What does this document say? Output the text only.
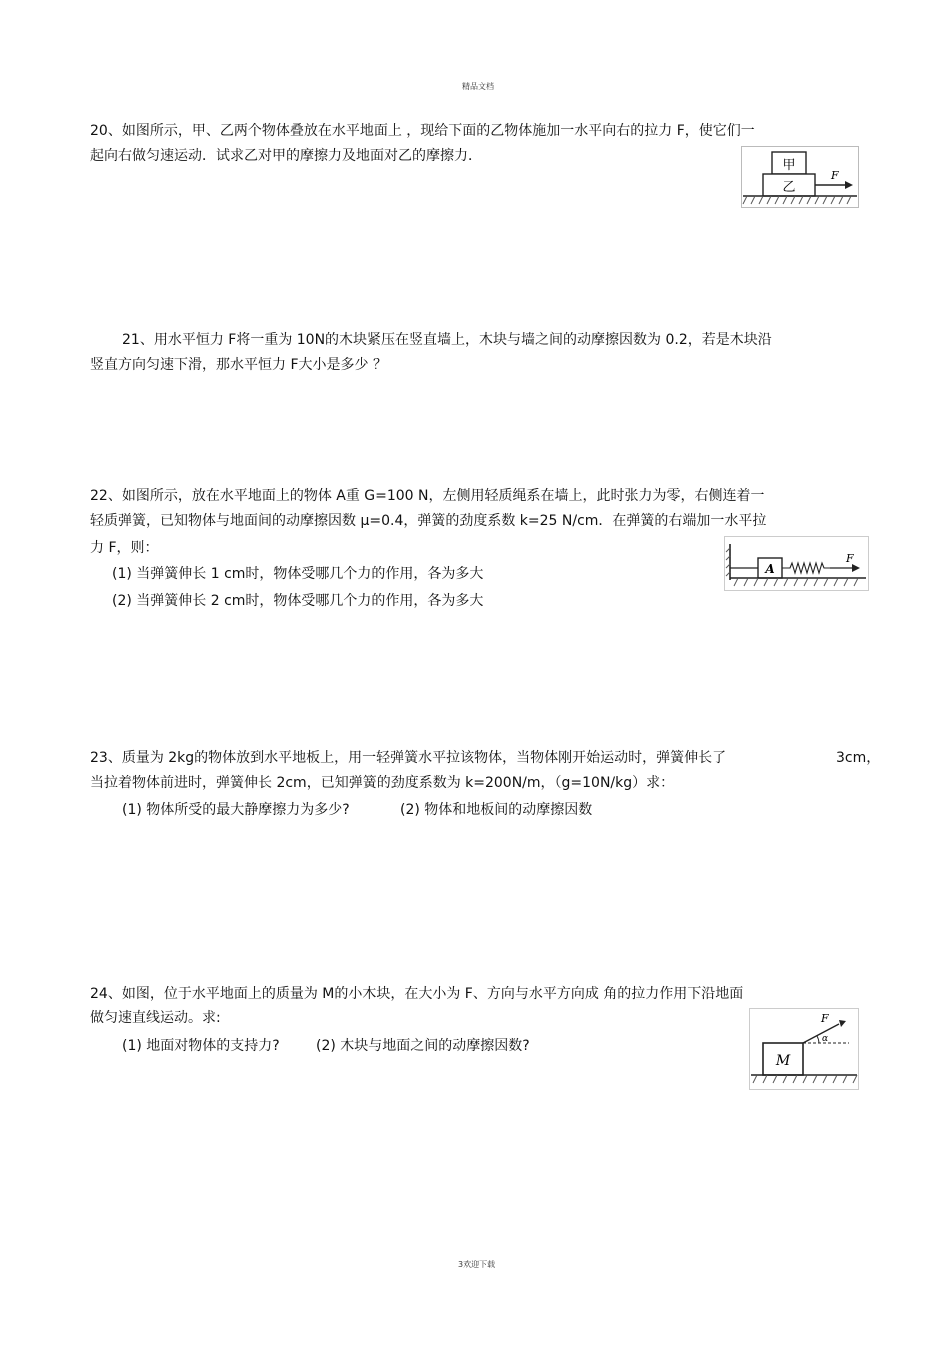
精品文档
20、如图所示，甲、乙两个物体叠放在水平地面上 ，现给下面的乙物体施加一水平向右的拉力 F，使它们一
起向右做匀速运动．试求乙对甲的摩擦力及地面对乙的摩擦力．
甲
乙
F
21、用水平恒力 F将一重为 10N的木块紧压在竖直墙上，木块与墙之间的动摩擦因数为 0.2，若是木块沿
竖直方向匀速下滑，那水平恒力 F大小是多少 ？
22、如图所示，放在水平地面上的物体 A重 G=100 N，左侧用轻质绳系在墙上，此时张力为零，右侧连着一
轻质弹簧，已知物体与地面间的动摩擦因数 μ=0.4，弹簧的劲度系数 k=25 N/cm．在弹簧的右端加一水平拉
力 F，则：
(1) 当弹簧伸长 1 cm时，物体受哪几个力的作用，各为多大
(2) 当弹簧伸长 2 cm时，物体受哪几个力的作用，各为多大
A
F
23、质量为 2kg的物体放到水平地板上，用一轻弹簧水平拉该物体，当物体刚开始运动时，弹簧伸长了	3cm，
当拉着物体前进时，弹簧伸长 2cm，已知弹簧的劲度系数为 k=200N/m，（g=10N/kg）求：
(1) 物体所受的最大静摩擦力为多少?	(2) 物体和地板间的动摩擦因数
24、如图，位于水平地面上的质量为 M的小木块，在大小为 F、方向与水平方向成 角的拉力作用下沿地面
做匀速直线运动。求:
(1) 地面对物体的支持力?	(2) 木块与地面之间的动摩擦因数?
M
α
F
3欢迎下载
